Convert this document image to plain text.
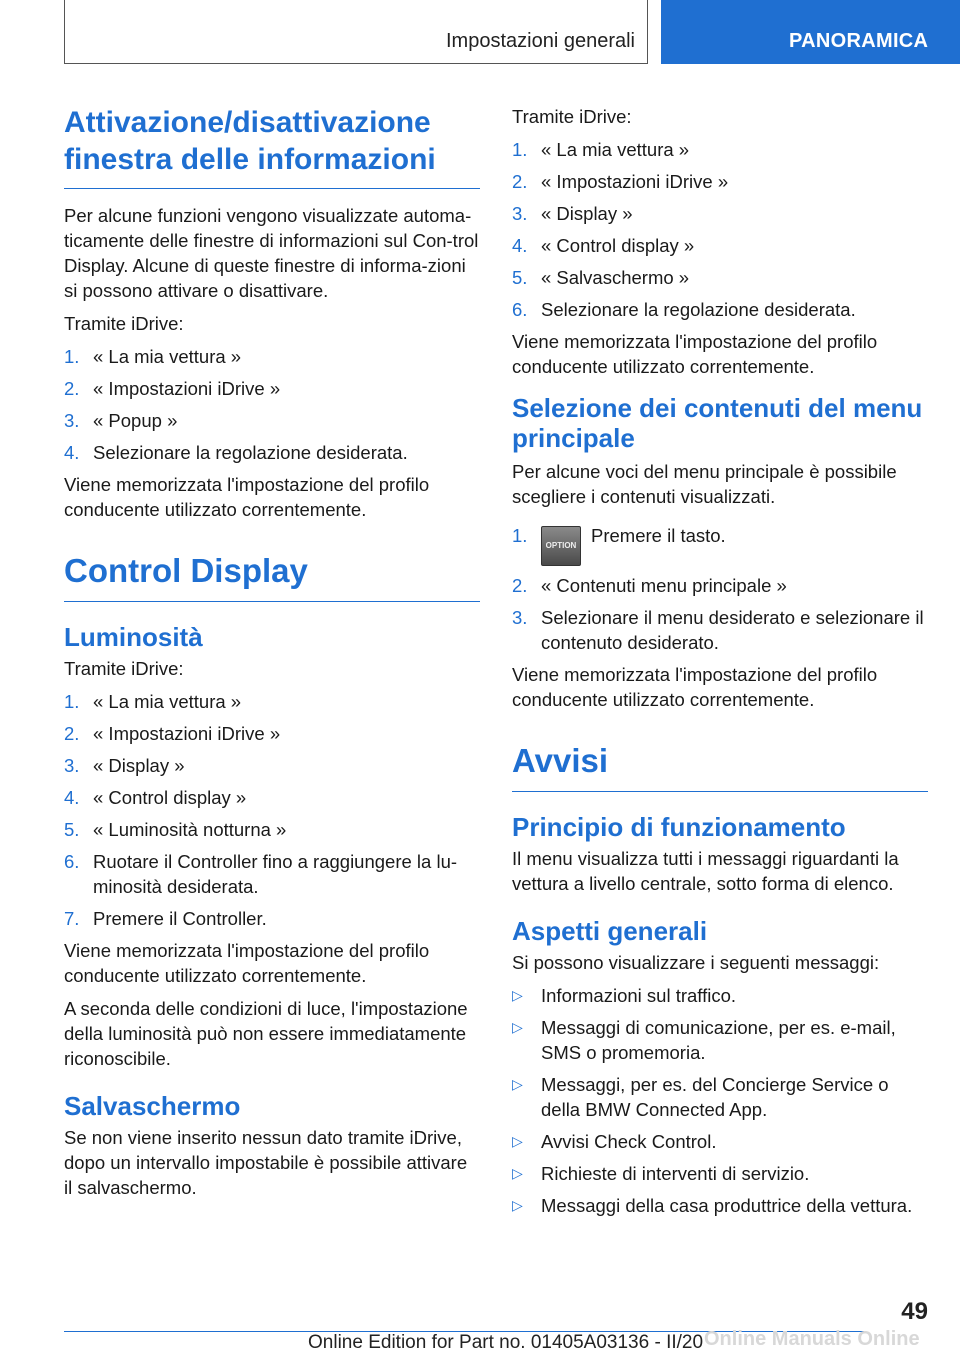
Impostazioni generali	PANORAMICA
Attivazione/disattivazione finestra delle informazioni

Per alcune funzioni vengono visualizzate automa-ticamente delle finestre di informazioni sul Con-trol Display. Alcune di queste finestre di informa-zioni si possono attivare o disattivare.

Tramite iDrive:

1. « La mia vettura »
2. « Impostazioni iDrive »
3. « Popup »
4. Selezionare la regolazione desiderata.

Viene memorizzata l'impostazione del profilo conducente utilizzato correntemente.

Control Display
Luminosità

Tramite iDrive:

1. « La mia vettura »
2. « Impostazioni iDrive »
3. « Display »
4. « Control display »
5. « Luminosità notturna »
6. Ruotare il Controller fino a raggiungere la lu-minosità desiderata.
7. Premere il Controller.

Viene memorizzata l'impostazione del profilo conducente utilizzato correntemente.

A seconda delle condizioni di luce, l'impostazione della luminosità può non essere immediatamente riconoscibile.

Salvaschermo

Se non viene inserito nessun dato tramite iDrive, dopo un intervallo impostabile è possibile attivare il salvaschermo.

Tramite iDrive:

1. « La mia vettura »
2. « Impostazioni iDrive »
3. « Display »
4. « Control display »
5. « Salvaschermo »
6. Selezionare la regolazione desiderata.

Viene memorizzata l'impostazione del profilo conducente utilizzato correntemente.

Selezione dei contenuti del menu principale

Per alcune voci del menu principale è possibile scegliere i contenuti visualizzati.

1. OPTION Premere il tasto.
2. « Contenuti menu principale »
3. Selezionare il menu desiderato e selezionare il contenuto desiderato.

Viene memorizzata l'impostazione del profilo conducente utilizzato correntemente.

Avvisi
Principio di funzionamento

Il menu visualizza tutti i messaggi riguardanti la vettura a livello centrale, sotto forma di elenco.

Aspetti generali

Si possono visualizzare i seguenti messaggi:

▷ Informazioni sul traffico.
▷ Messaggi di comunicazione, per es. e-mail, SMS o promemoria.
▷ Messaggi, per es. del Concierge Service o della BMW Connected App.
▷ Avvisi Check Control.
▷ Richieste di interventi di servizio.
▷ Messaggi della casa produttrice della vettura.
49
Online Edition for Part no. 01405A03136 - II/20 Online Manuals Online
